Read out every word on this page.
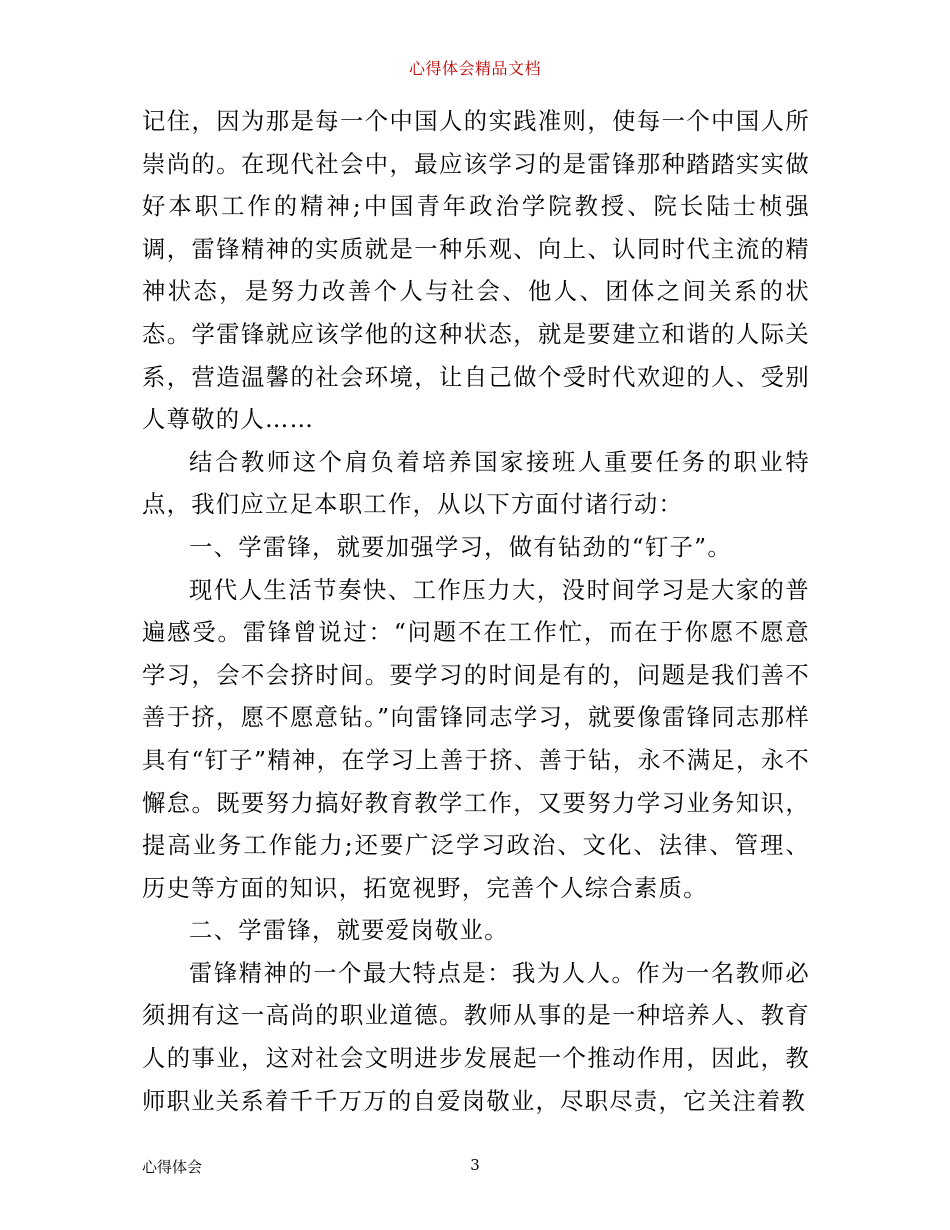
心得体会精品文档

记住，因为那是每一个中国人的实践准则，使每一个中国人所崇尚的。在现代社会中，最应该学习的是雷锋那种踏踏实实做好本职工作的精神;中国青年政治学院教授、院长陆士桢强调，雷锋精神的实质就是一种乐观、向上、认同时代主流的精神状态，是努力改善个人与社会、他人、团体之间关系的状态。学雷锋就应该学他的这种状态，就是要建立和谐的人际关系，营造温馨的社会环境，让自己做个受时代欢迎的人、受别人尊敬的人……

结合教师这个肩负着培养国家接班人重要任务的职业特点，我们应立足本职工作，从以下方面付诸行动：

一、学雷锋，就要加强学习，做有钻劲的“钉子”。

现代人生活节奏快、工作压力大，没时间学习是大家的普遍感受。雷锋曾说过：“问题不在工作忙，而在于你愿不愿意学习，会不会挤时间。要学习的时间是有的，问题是我们善不善于挤，愿不愿意钻。”向雷锋同志学习，就要像雷锋同志那样具有“钉子”精神，在学习上善于挤、善于钻，永不满足，永不懈怠。既要努力搞好教育教学工作，又要努力学习业务知识，提高业务工作能力;还要广泛学习政治、文化、法律、管理、历史等方面的知识，拓宽视野，完善个人综合素质。

二、学雷锋，就要爱岗敬业。

雷锋精神的一个最大特点是：我为人人。作为一名教师必须拥有这一高尚的职业道德。教师从事的是一种培养人、教育人的事业，这对社会文明进步发展起一个推动作用，因此，教师职业关系着千千万万的自爱岗敬业，尽职尽责，它关注着教

心得体会	3
